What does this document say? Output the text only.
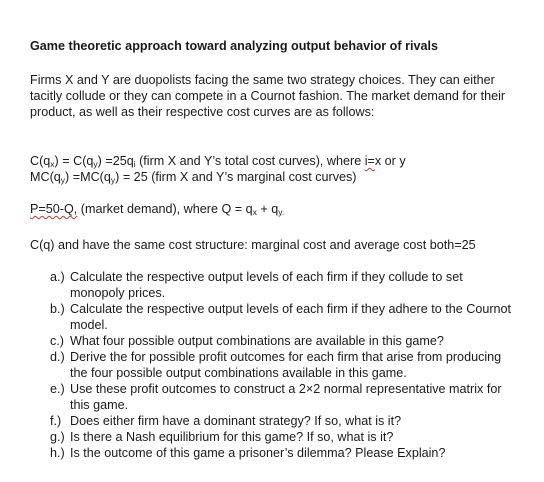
Game theoretic approach toward analyzing output behavior of rivals
Firms X and Y are duopolists facing the same two strategy choices. They can either tacitly collude or they can compete in a Cournot fashion. The market demand for their product, as well as their respective cost curves are as follows:
$C(q_x) = C(q_y) =25q_i$ (firm X and Y’s total cost curves), where i=x or y
$MC(q_y) =MC(q_y) = 25$ (firm X and Y’s marginal cost curves)
P=50-Q, (market demand), where $Q = q_x + q_{y.}$
C(q) and have the same cost structure: marginal cost and average cost both=25
a.) Calculate the respective output levels of each firm if they collude to set monopoly prices.
b.) Calculate the respective output levels of each firm if they adhere to the Cournot model.
c.) What four possible output combinations are available in this game?
d.) Derive the for possible profit outcomes for each firm that arise from producing the four possible output combinations available in this game.
e.) Use these profit outcomes to construct a 2×2 normal representative matrix for this game.
f.) Does either firm have a dominant strategy? If so, what is it?
g.) Is there a Nash equilibrium for this game? If so, what is it?
h.) Is the outcome of this game a prisoner’s dilemma? Please Explain?
